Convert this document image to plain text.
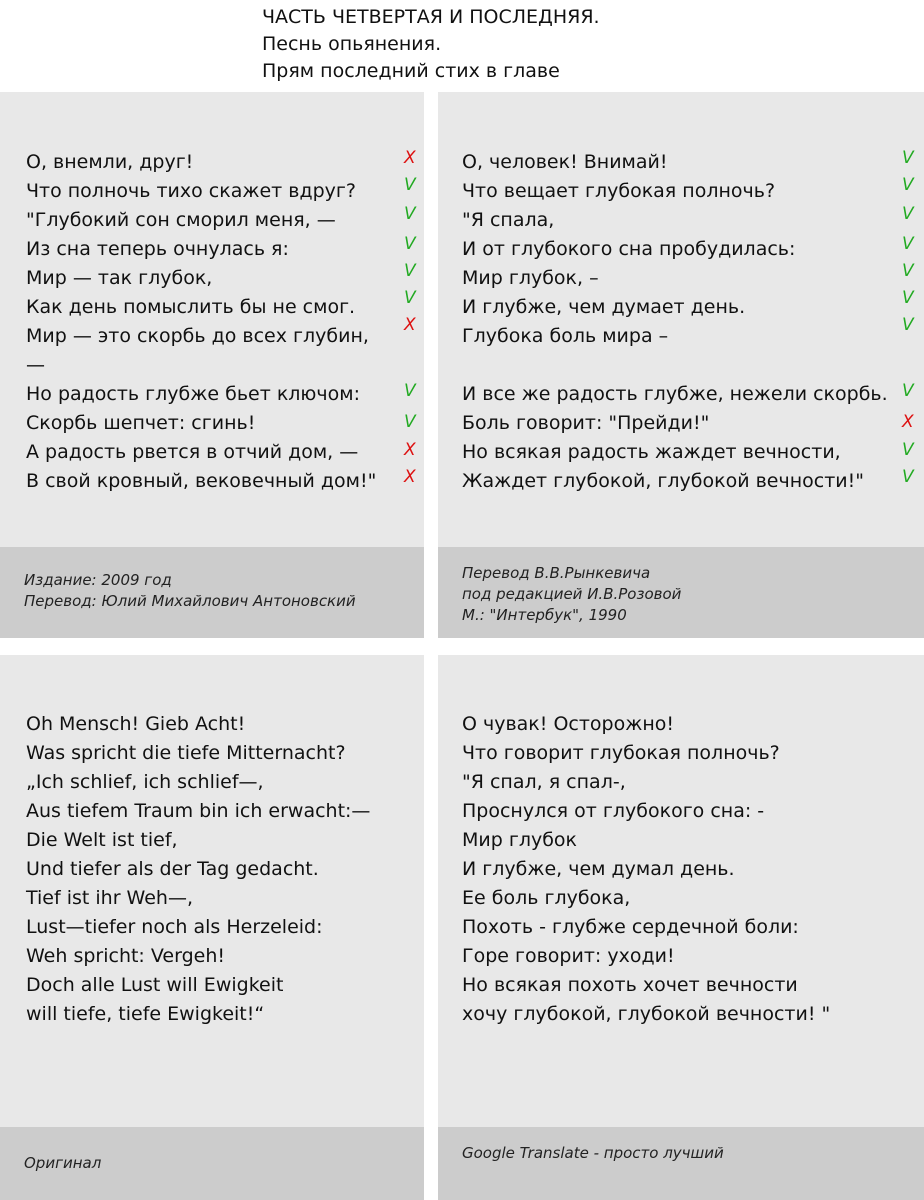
ЧАСТЬ ЧЕТВЕРТАЯ И ПОСЛЕДНЯЯ.
Песнь опьянения.
Прям последний стих в главе
О, внемли, друг!
Что полночь тихо скажет вдруг?
"Глубокий сон сморил меня, —
Из сна теперь очнулась я:
Мир — так глубок,
Как день помыслить бы не смог.
Мир — это скорбь до всех глубин,
—
Но радость глубже бьет ключом:
Скорбь шепчет: сгинь!
А радость рвется в отчий дом, —
В свой кровный, вековечный дом!"
X
V
V
V
V
V
X
V
V
X
X
Издание: 2009 год
Перевод: Юлий Михайлович Антоновский
О, человек! Внимай!
Что вещает глубокая полночь?
"Я спала,
И от глубокого сна пробудилась:
Мир глубок, –
И глубже, чем думает день.
Глубока боль мира –
И все же радость глубже, нежели скорбь.
Боль говорит: "Прейди!"
Но всякая радость жаждет вечности,
Жаждет глубокой, глубокой вечности!"
V
V
V
V
V
V
V
V
X
V
V
Перевод В.В.Рынкевича
под редакцией И.В.Розовой
М.: "Интербук", 1990
Oh Mensch! Gieb Acht!
Was spricht die tiefe Mitternacht?
„Ich schlief, ich schlief—,
Aus tiefem Traum bin ich erwacht:—
Die Welt ist tief,
Und tiefer als der Tag gedacht.
Tief ist ihr Weh—,
Lust—tiefer noch als Herzeleid:
Weh spricht: Vergeh!
Doch alle Lust will Ewigkeit
will tiefe, tiefe Ewigkeit!“
Оригинал
О чувак! Осторожно!
Что говорит глубокая полночь?
"Я спал, я спал-,
Проснулся от глубокого сна: -
Мир глубок
И глубже, чем думал день.
Ее боль глубока,
Похоть - глубже сердечной боли:
Горе говорит: уходи!
Но всякая похоть хочет вечности
хочу глубокой, глубокой вечности! "
Google Translate - просто лучший
